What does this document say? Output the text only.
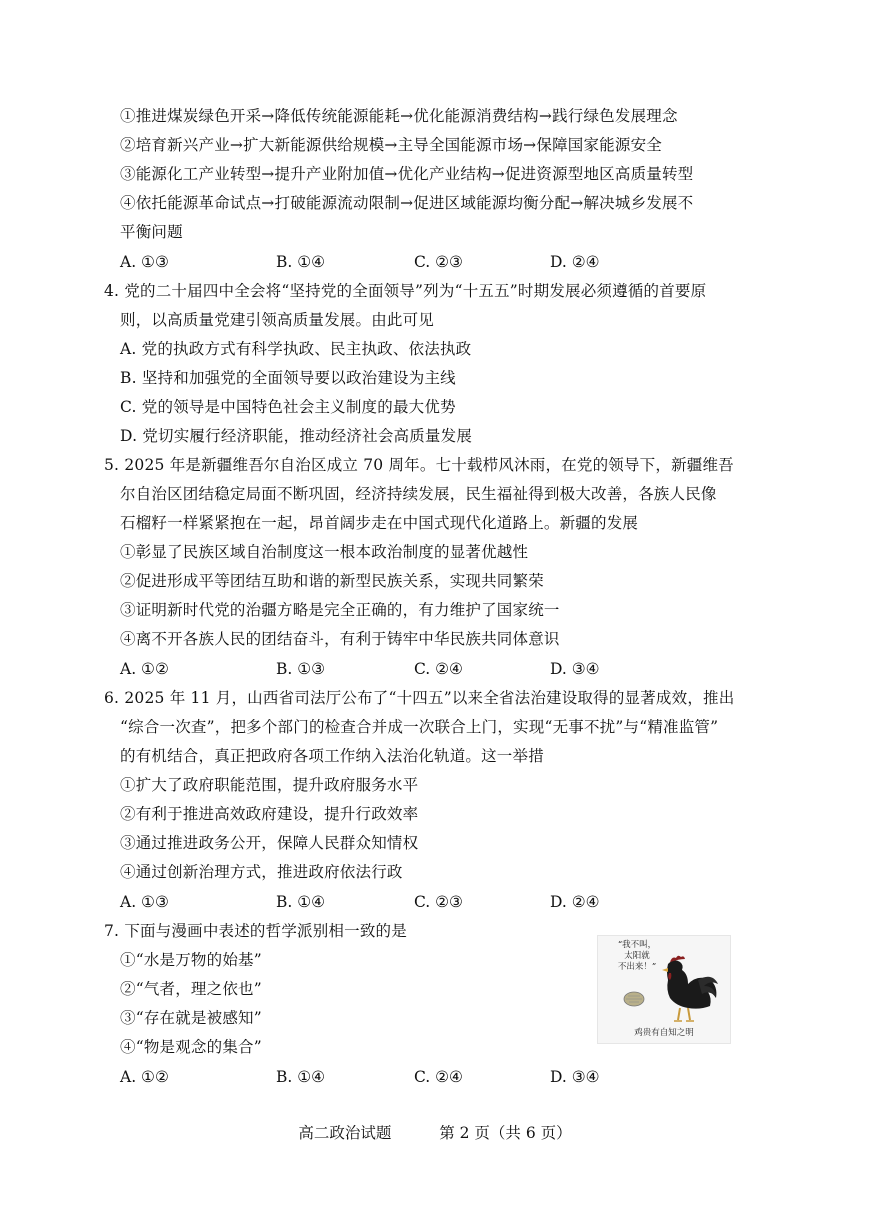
①推进煤炭绿色开采→降低传统能源能耗→优化能源消费结构→践行绿色发展理念
②培育新兴产业→扩大新能源供给规模→主导全国能源市场→保障国家能源安全
③能源化工产业转型→提升产业附加值→优化产业结构→促进资源型地区高质量转型
④依托能源革命试点→打破能源流动限制→促进区域能源均衡分配→解决城乡发展不
平衡问题
A. ①③	B. ①④	C. ②③	D. ②④
4. 党的二十届四中全会将“坚持党的全面领导”列为“十五五”时期发展必须遵循的首要原
则，以高质量党建引领高质量发展。由此可见
A. 党的执政方式有科学执政、民主执政、依法执政
B. 坚持和加强党的全面领导要以政治建设为主线
C. 党的领导是中国特色社会主义制度的最大优势
D. 党切实履行经济职能，推动经济社会高质量发展
5. 2025 年是新疆维吾尔自治区成立 70 周年。七十载栉风沐雨，在党的领导下，新疆维吾
尔自治区团结稳定局面不断巩固，经济持续发展，民生福祉得到极大改善，各族人民像
石榴籽一样紧紧抱在一起，昂首阔步走在中国式现代化道路上。新疆的发展
①彰显了民族区域自治制度这一根本政治制度的显著优越性
②促进形成平等团结互助和谐的新型民族关系，实现共同繁荣
③证明新时代党的治疆方略是完全正确的，有力维护了国家统一
④离不开各族人民的团结奋斗，有利于铸牢中华民族共同体意识
A. ①②	B. ①③	C. ②④	D. ③④
6. 2025 年 11 月，山西省司法厅公布了“十四五”以来全省法治建设取得的显著成效，推出
“综合一次查”，把多个部门的检查合并成一次联合上门，实现“无事不扰”与“精准监管”
的有机结合，真正把政府各项工作纳入法治化轨道。这一举措
①扩大了政府职能范围，提升政府服务水平
②有利于推进高效政府建设，提升行政效率
③通过推进政务公开，保障人民群众知情权
④通过创新治理方式，推进政府依法行政
A. ①③	B. ①④	C. ②③	D. ②④
7. 下面与漫画中表述的哲学派别相一致的是
①“水是万物的始基”
②“气者，理之依也”
③“存在就是被感知”
④“物是观念的集合”
A. ①②	B. ①④	C. ②④	D. ③④
“我不叫，
太阳就
不出来！”
鸡贵有自知之明
高二政治试题	第 2 页（共 6 页）
